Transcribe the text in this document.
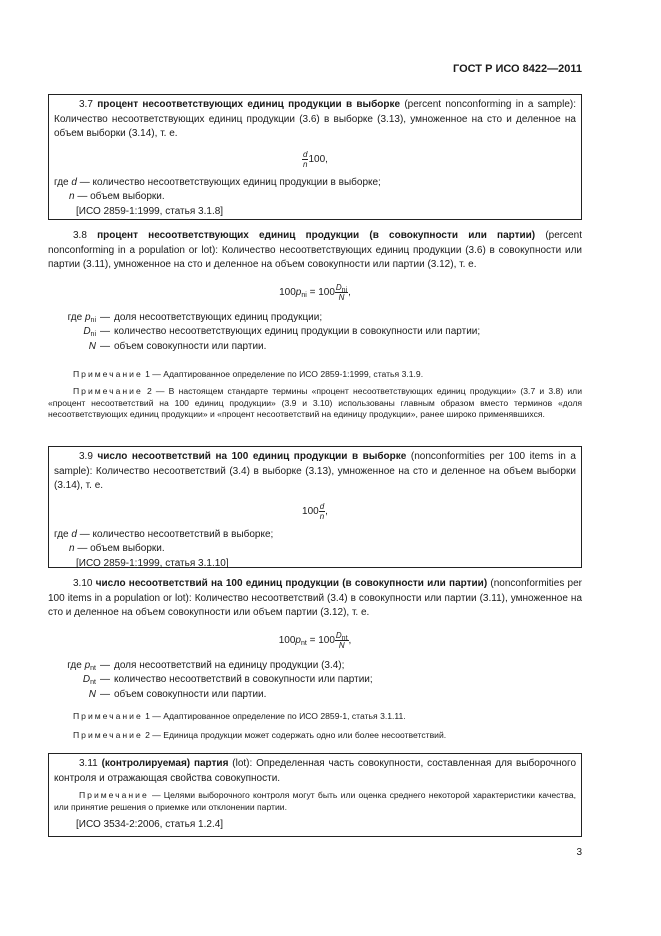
ГОСТ Р ИСО 8422—2011

3.7 процент несоответствующих единиц продукции в выборке (percent nonconforming in a sample): Количество несоответствующих единиц продукции (3.6) в выборке (3.13), умноженное на сто и деленное на объем выборки (3.14), т. е.

$\frac{d}{n} 100$,

где d — количество несоответствующих единиц продукции в выборке;

n — объем выборки.

[ИСО 2859-1:1999, статья 3.1.8]

3.8 процент несоответствующих единиц продукции (в совокупности или партии) (percent nonconforming in a population or lot): Количество несоответствующих единиц продукции (3.6) в совокупности или партии (3.11), умноженное на сто и деленное на объем совокупности или партии (3.12), т. е.

$100p_{ni} = 100 \frac{D_{ni}}{N}$ ,
где $p_{ni}$ — доля несоответствующих единиц продукции;
$D_{ni}$ — количество несоответствующих единиц продукции в совокупности или партии;
N — объем совокупности или партии.

Примечание 1 — Адаптированное определение по ИСО 2859-1:1999, статья 3.1.9.

Примечание 2 — В настоящем стандарте термины «процент несоответствующих единиц продукции» (3.7 и 3.8) или «процент несоответствий на 100 единиц продукции» (3.9 и 3.10) использованы главным образом вместо терминов «доля несоответствующих единиц продукции» и «процент несоответствий на единицу продукции», ранее широко применявшихся.

3.9 число несоответствий на 100 единиц продукции в выборке (nonconformities per 100 items in a sample): Количество несоответствий (3.4) в выборке (3.13), умноженное на сто и деленное на объем выборки (3.14), т. е.

$100 \frac{d}{n}$ ,

где d — количество несоответствий в выборке;

n — объем выборки.

[ИСО 2859-1:1999, статья 3.1.10]

3.10 число несоответствий на 100 единиц продукции (в совокупности или партии) (nonconformities per 100 items in a population or lot): Количество несоответствий (3.4) в совокупности или партии (3.11), умноженное на сто и деленное на объем совокупности или объем партии (3.12), т. е.

$100p_{nt} = 100 \frac{D_{nt}}{N}$ ,
где $p_{nt}$ — доля несоответствий на единицу продукции (3.4);
$D_{nt}$ — количество несоответствий в совокупности или партии;
N — объем совокупности или партии.

Примечание 1 — Адаптированное определение по ИСО 2859-1, статья 3.1.11.

Примечание 2 — Единица продукции может содержать одно или более несоответствий.

3.11 (контролируемая) партия (lot): Определенная часть совокупности, составленная для выборочного контроля и отражающая свойства совокупности.

Примечание — Целями выборочного контроля могут быть или оценка среднего некоторой характеристики качества, или принятие решения о приемке или отклонении партии.

[ИСО 3534-2:2006, статья 1.2.4]

3
